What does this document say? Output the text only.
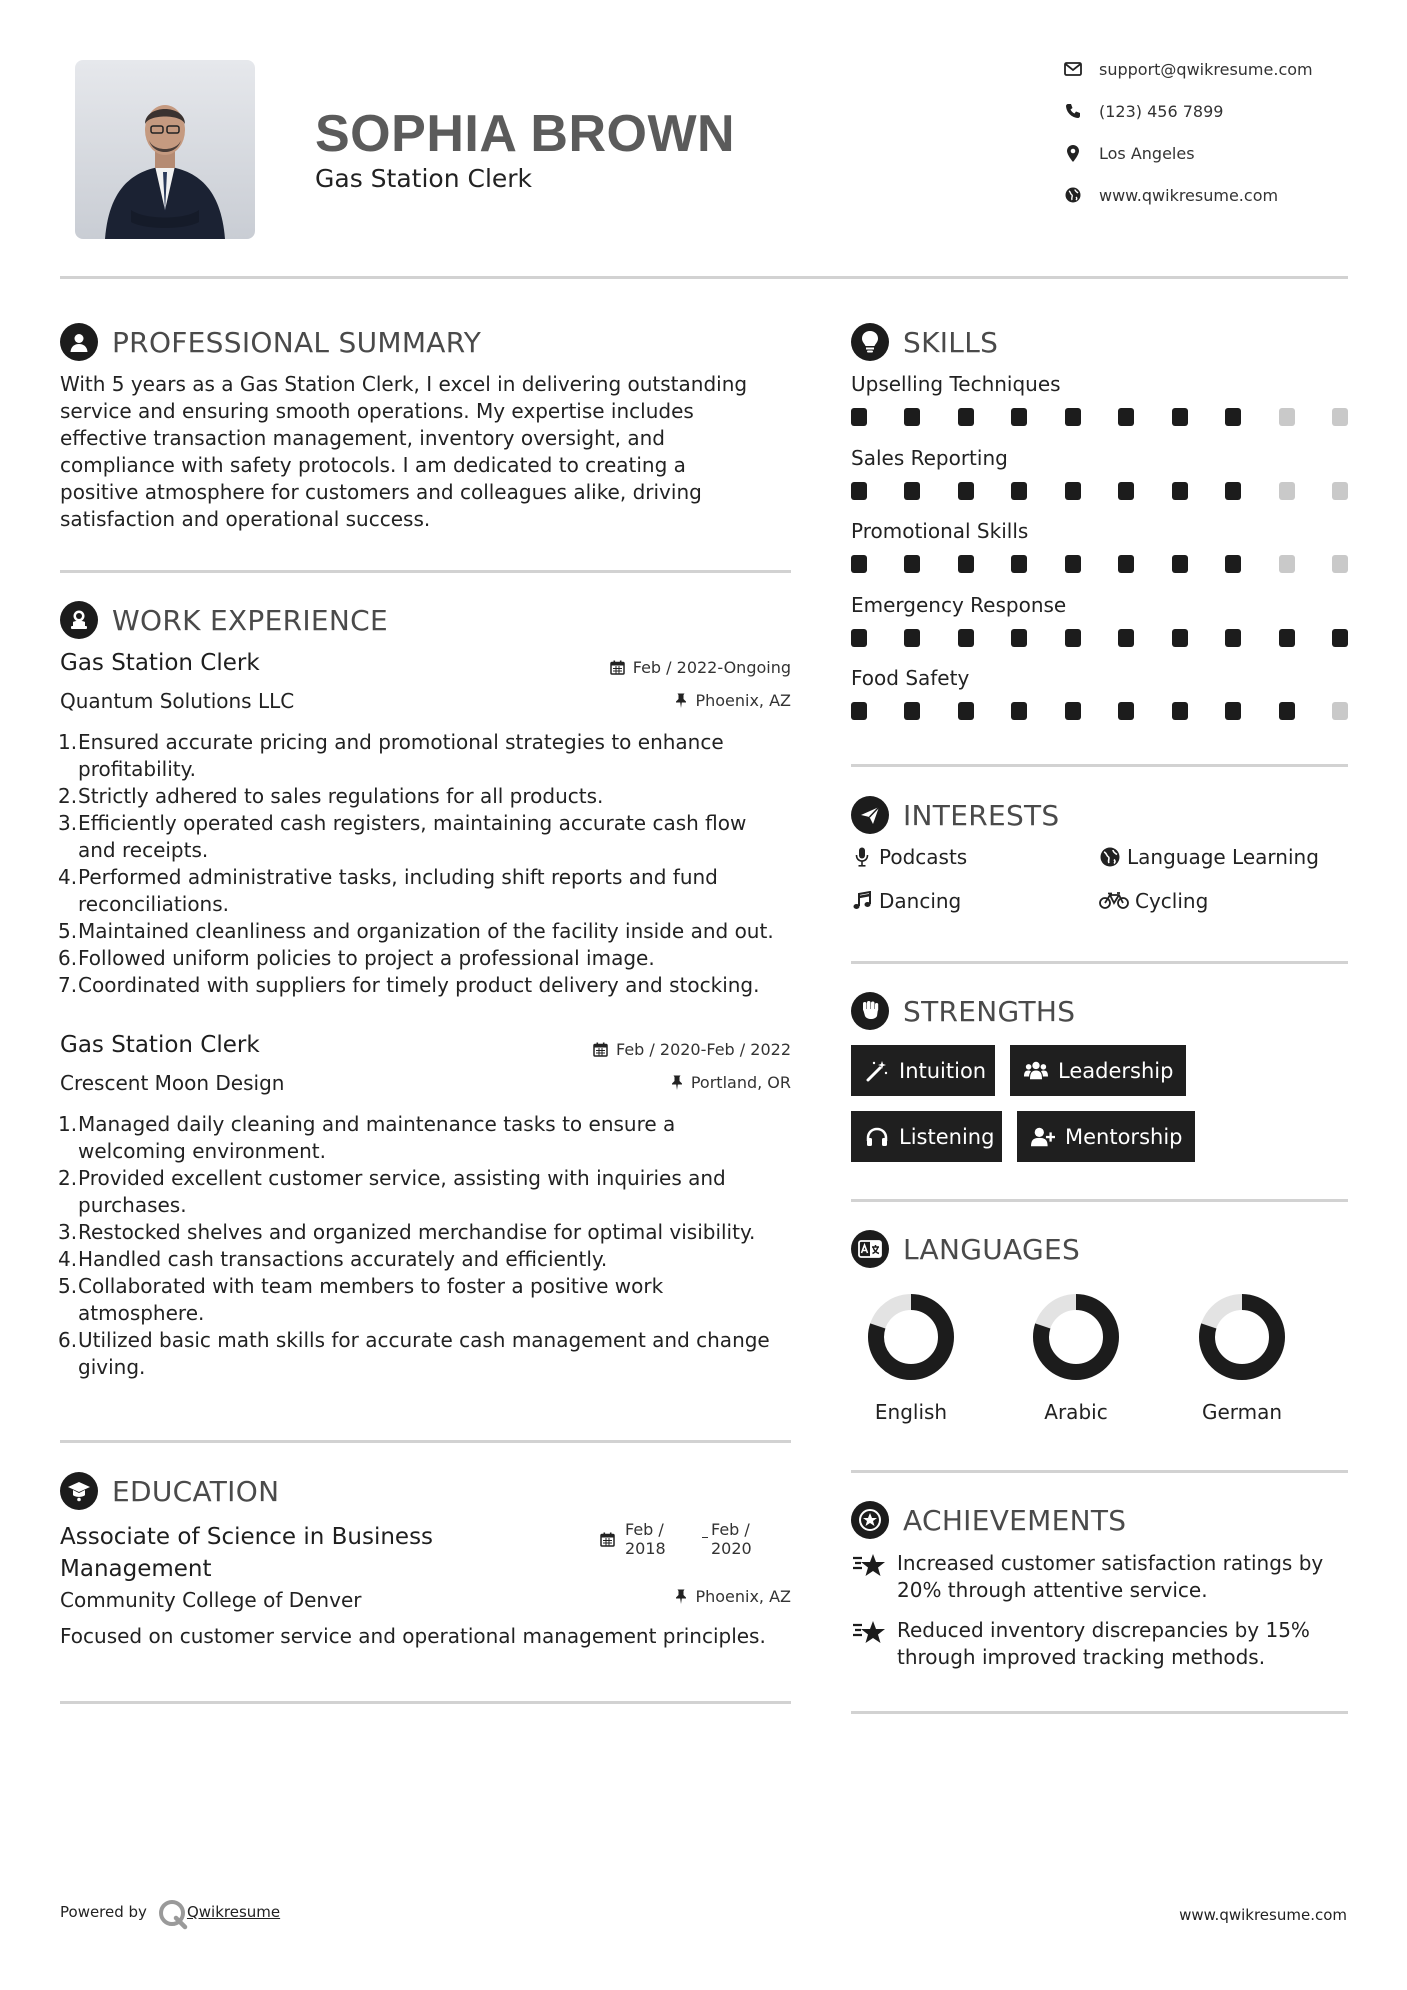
SOPHIA BROWN
Gas Station Clerk
support@qwikresume.com
(123) 456 7899
Los Angeles
www.qwikresume.com
PROFESSIONAL SUMMARY
With 5 years as a Gas Station Clerk, I excel in delivering outstanding
service and ensuring smooth operations. My expertise includes
effective transaction management, inventory oversight, and
compliance with safety protocols. I am dedicated to creating a
positive atmosphere for customers and colleagues alike, driving
satisfaction and operational success.
WORK EXPERIENCE
Gas Station Clerk	Feb / 2022-Ongoing
Quantum Solutions LLC	Phoenix, AZ
1. Ensured accurate pricing and promotional strategies to enhance
profitability.
2. Strictly adhered to sales regulations for all products.
3. Efficiently operated cash registers, maintaining accurate cash flow
and receipts.
4. Performed administrative tasks, including shift reports and fund
reconciliations.
5. Maintained cleanliness and organization of the facility inside and out.
6. Followed uniform policies to project a professional image.
7. Coordinated with suppliers for timely product delivery and stocking.
Gas Station Clerk	Feb / 2020-Feb / 2022
Crescent Moon Design	Portland, OR
1. Managed daily cleaning and maintenance tasks to ensure a
welcoming environment.
2. Provided excellent customer service, assisting with inquiries and
purchases.
3. Restocked shelves and organized merchandise for optimal visibility.
4. Handled cash transactions accurately and efficiently.
5. Collaborated with team members to foster a positive work
atmosphere.
6. Utilized basic math skills for accurate cash management and change
giving.
EDUCATION
Associate of Science in Business
Management
Feb /
2018
Feb /
2020
Community College of Denver	Phoenix, AZ
Focused on customer service and operational management principles.
SKILLS
Upselling Techniques
Sales Reporting
Promotional Skills
Emergency Response
Food Safety
INTERESTS
Podcasts	Language Learning
Dancing	Cycling
STRENGTHS
Intuition	Leadership
Listening	Mentorship
LANGUAGES
English	Arabic	German
ACHIEVEMENTS
Increased customer satisfaction ratings by
20% through attentive service.
Reduced inventory discrepancies by 15%
through improved tracking methods.
Powered by	Qwikresume	www.qwikresume.com
